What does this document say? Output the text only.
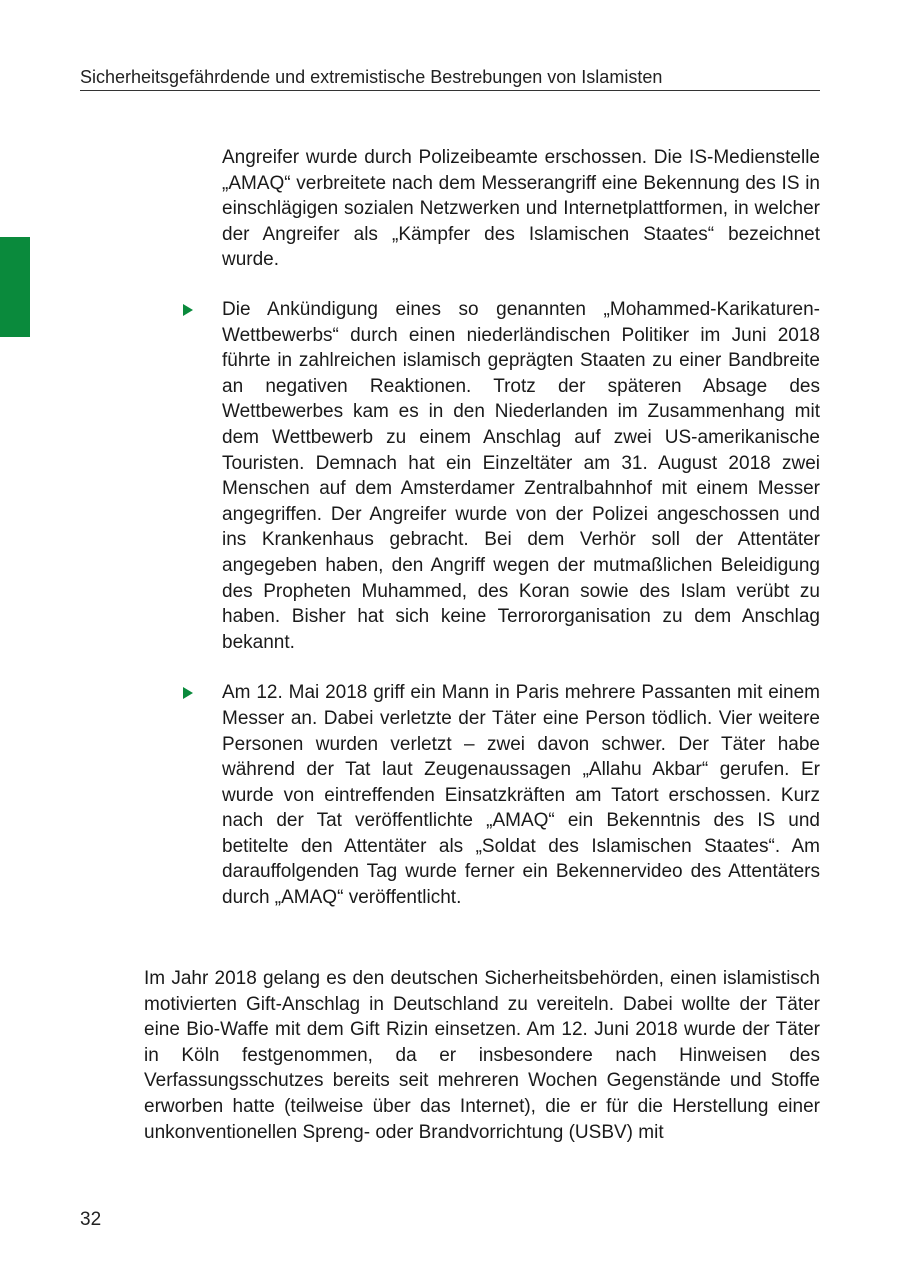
Sicherheitsgefährdende und extremistische Bestrebungen von Islamisten

Angreifer wurde durch Polizeibeamte erschossen. Die IS-Medienstelle „AMAQ“ verbreitete nach dem Messerangriff eine Bekennung des IS in einschlägigen sozialen Netzwerken und Internetplattformen, in welcher der Angreifer als „Kämpfer des Islamischen Staates“ bezeichnet wurde.

Die Ankündigung eines so genannten „Mohammed-Karikaturen-Wettbewerbs“ durch einen niederländischen Politiker im Juni 2018 führte in zahlreichen islamisch geprägten Staaten zu einer Bandbreite an negativen Reaktionen. Trotz der späteren Absage des Wettbewerbes kam es in den Niederlanden im Zusammenhang mit dem Wettbewerb zu einem Anschlag auf zwei US-amerikanische Touristen. Demnach hat ein Einzeltäter am 31. August 2018 zwei Menschen auf dem Amsterdamer Zentralbahnhof mit einem Messer angegriffen. Der Angreifer wurde von der Polizei angeschossen und ins Krankenhaus gebracht. Bei dem Verhör soll der Attentäter angegeben haben, den Angriff wegen der mutmaßlichen Beleidigung des Propheten Muhammed, des Koran sowie des Islam verübt zu haben. Bisher hat sich keine Terrororganisation zu dem Anschlag bekannt.
Am 12. Mai 2018 griff ein Mann in Paris mehrere Passanten mit einem Messer an. Dabei verletzte der Täter eine Person tödlich. Vier weitere Personen wurden verletzt – zwei davon schwer. Der Täter habe während der Tat laut Zeugenaussagen „Allahu Akbar“ gerufen. Er wurde von eintreffenden Einsatzkräften am Tatort erschossen. Kurz nach der Tat veröffentlichte „AMAQ“ ein Bekenntnis des IS und betitelte den Attentäter als „Soldat des Islamischen Staates“. Am darauffolgenden Tag wurde ferner ein Bekennervideo des Attentäters durch „AMAQ“ veröffentlicht.

Im Jahr 2018 gelang es den deutschen Sicherheitsbehörden, einen islamistisch motivierten Gift-Anschlag in Deutschland zu vereiteln. Dabei wollte der Täter eine Bio-Waffe mit dem Gift Rizin einsetzen. Am 12. Juni 2018 wurde der Täter in Köln festgenommen, da er insbesondere nach Hinweisen des Verfassungsschutzes bereits seit mehreren Wochen Gegenstände und Stoffe erworben hatte (teilweise über das Internet), die er für die Herstellung einer unkonventionellen Spreng- oder Brandvorrichtung (USBV) mit

32
